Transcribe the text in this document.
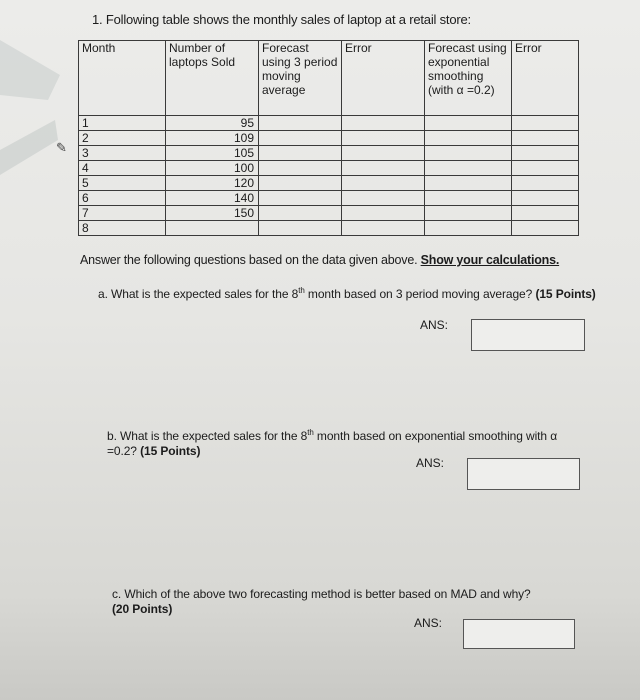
1. Following table shows the monthly sales of laptop at a retail store:
Month	Number of laptops Sold	Forecast using 3 period moving average	Error	Forecast using exponential smoothing (with α =0.2)	Error
1	95				
2	109				
3	105				
4	100				
5	120				
6	140				
7	150				
8					
✎
Answer the following questions based on the data given above. Show your calculations.
a. What is the expected sales for the 8th month based on 3 period moving average? (15 Points)
ANS:
b. What is the expected sales for the 8th month based on exponential smoothing with α =0.2? (15 Points)
ANS:
c. Which of the above two forecasting method is better based on MAD and why?
(20 Points)
ANS:
